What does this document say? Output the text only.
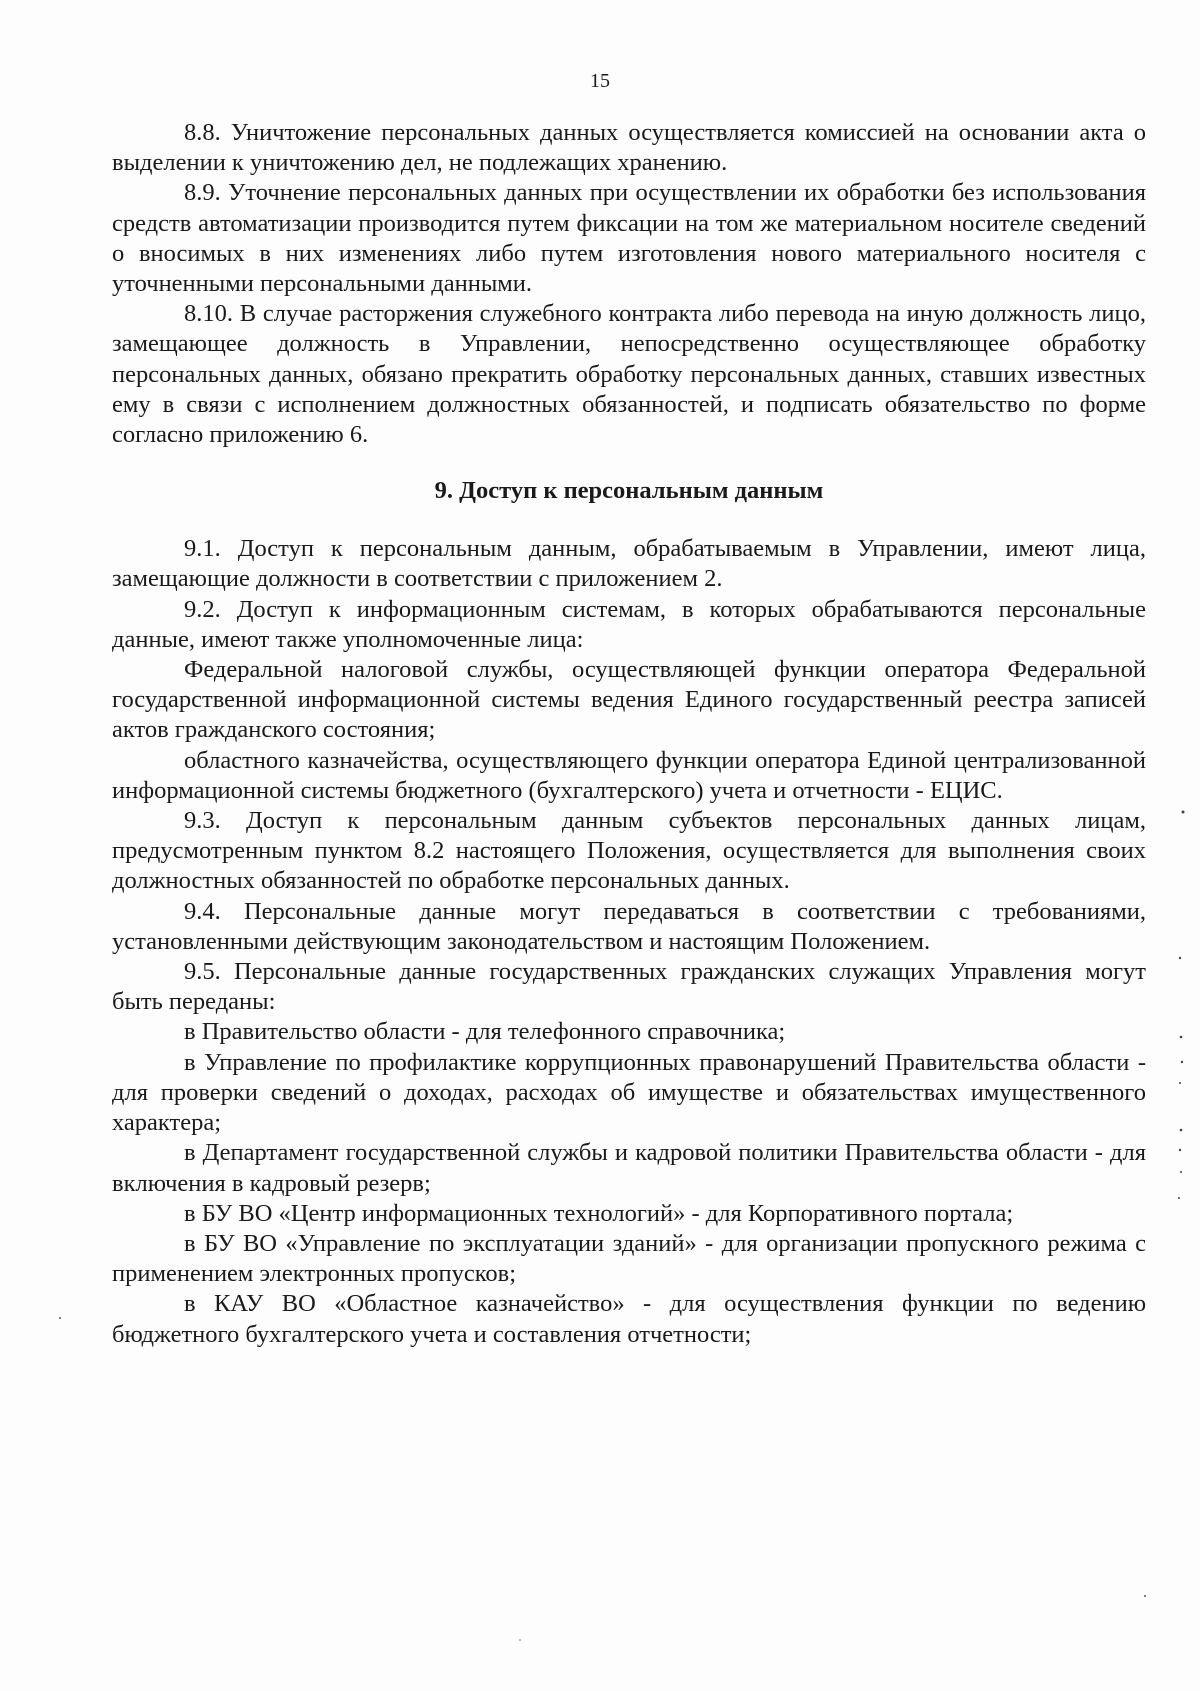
15

8.8. Уничтожение персональных данных осуществляется комиссией на основании акта о выделении к уничтожению дел, не подлежащих хранению.

8.9. Уточнение персональных данных при осуществлении их обработки без использования средств автоматизации производится путем фиксации на том же материальном носителе сведений о вносимых в них изменениях либо путем изготовления нового материального носителя с уточненными персональными данными.

8.10. В случае расторжения служебного контракта либо перевода на иную должность лицо, замещающее должность в Управлении, непосредственно осуществляющее обработку персональных данных, обязано прекратить обработку персональных данных, ставших известных ему в связи с исполнением должностных обязанностей, и подписать обязательство по форме согласно приложению 6.

9. Доступ к персональным данным

9.1. Доступ к персональным данным, обрабатываемым в Управлении, имеют лица, замещающие должности в соответствии с приложением 2.

9.2. Доступ к информационным системам, в которых обрабатываются персональные данные, имеют также уполномоченные лица:

Федеральной налоговой службы, осуществляющей функции оператора Федеральной государственной информационной системы ведения Единого государственный реестра записей актов гражданского состояния;

областного казначейства, осуществляющего функции оператора Единой централизованной информационной системы бюджетного (бухгалтерского) учета и отчетности - ЕЦИС.

9.3. Доступ к персональным данным субъектов персональных данных лицам, предусмотренным пунктом 8.2 настоящего Положения, осуществляется для выполнения своих должностных обязанностей по обработке персональных данных.

9.4. Персональные данные могут передаваться в соответствии с требованиями, установленными действующим законодательством и настоящим Положением.

9.5. Персональные данные государственных гражданских служащих Управления могут быть переданы:

в Правительство области - для телефонного справочника;

в Управление по профилактике коррупционных правонарушений Правительства области - для проверки сведений о доходах, расходах об имуществе и обязательствах имущественного характера;

в Департамент государственной службы и кадровой политики Правительства области - для включения в кадровый резерв;

в БУ ВО «Центр информационных технологий» - для Корпоративного портала;

в БУ ВО «Управление по эксплуатации зданий» - для организации пропускного режима с применением электронных пропусков;

в КАУ ВО «Областное казначейство» - для осуществления функции по ведению бюджетного бухгалтерского учета и составления отчетности;
